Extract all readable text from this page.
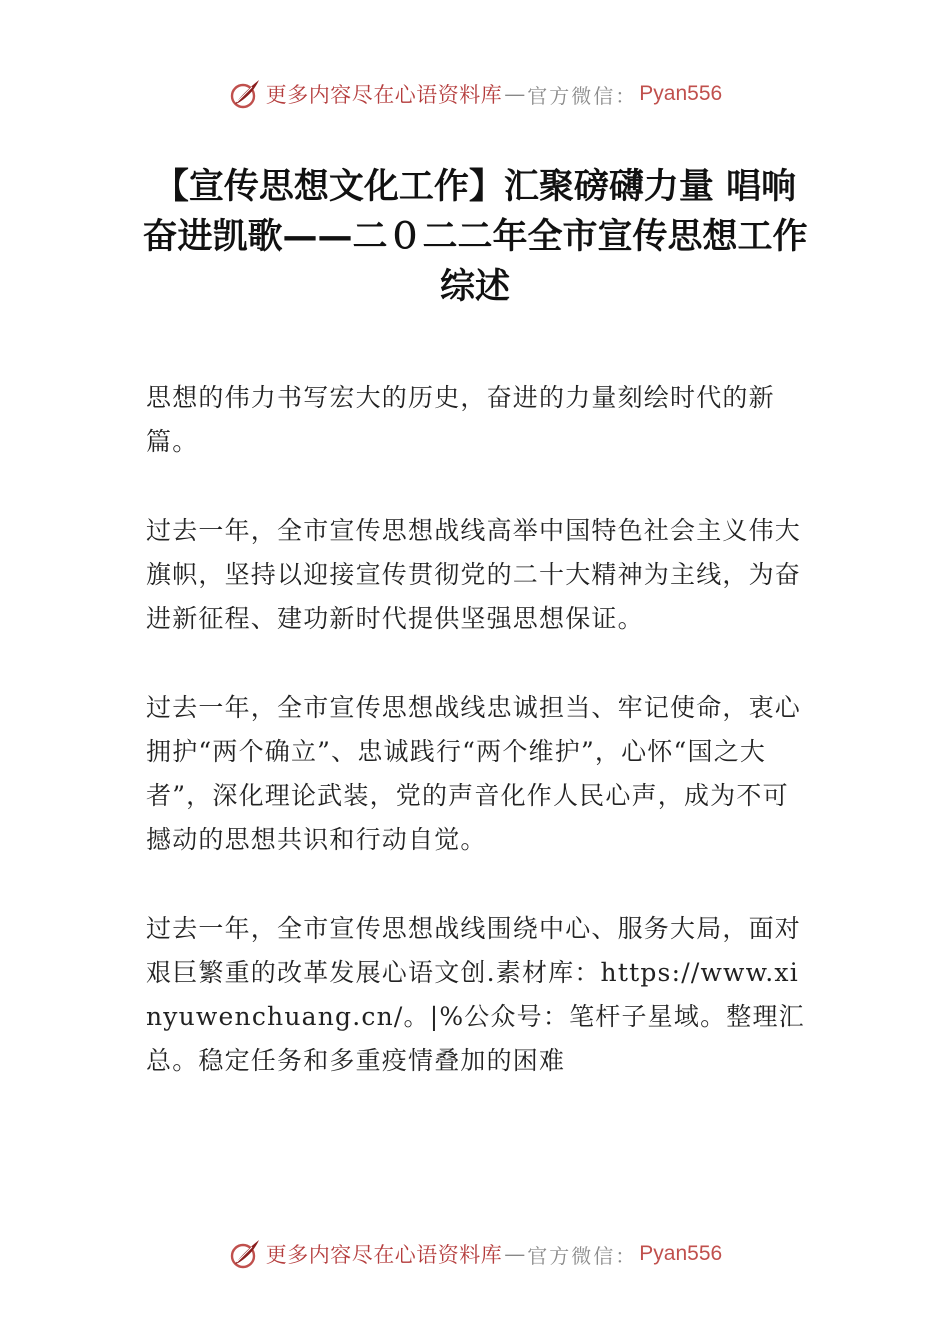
更多内容尽在心语资料库 — 官方微信： Pyan556
【宣传思想文化工作】汇聚磅礴力量 唱响奋进凯歌——二０二二年全市宣传思想工作综述

思想的伟力书写宏大的历史，奋进的力量刻绘时代的新篇。

过去一年，全市宣传思想战线高举中国特色社会主义伟大旗帜，坚持以迎接宣传贯彻党的二十大精神为主线，为奋进新征程、建功新时代提供坚强思想保证。

过去一年，全市宣传思想战线忠诚担当、牢记使命，衷心拥护“两个确立”、忠诚践行“两个维护”，心怀“国之大者”，深化理论武装，党的声音化作人民心声，成为不可撼动的思想共识和行动自觉。

过去一年，全市宣传思想战线围绕中心、服务大局，面对艰巨繁重的改革发展心语文创.素材库：https://www.xinyuwenchuang.cn/。|%公众号：笔杆子星域。整理汇总。稳定任务和多重疫情叠加的困难

更多内容尽在心语资料库 — 官方微信： Pyan556
